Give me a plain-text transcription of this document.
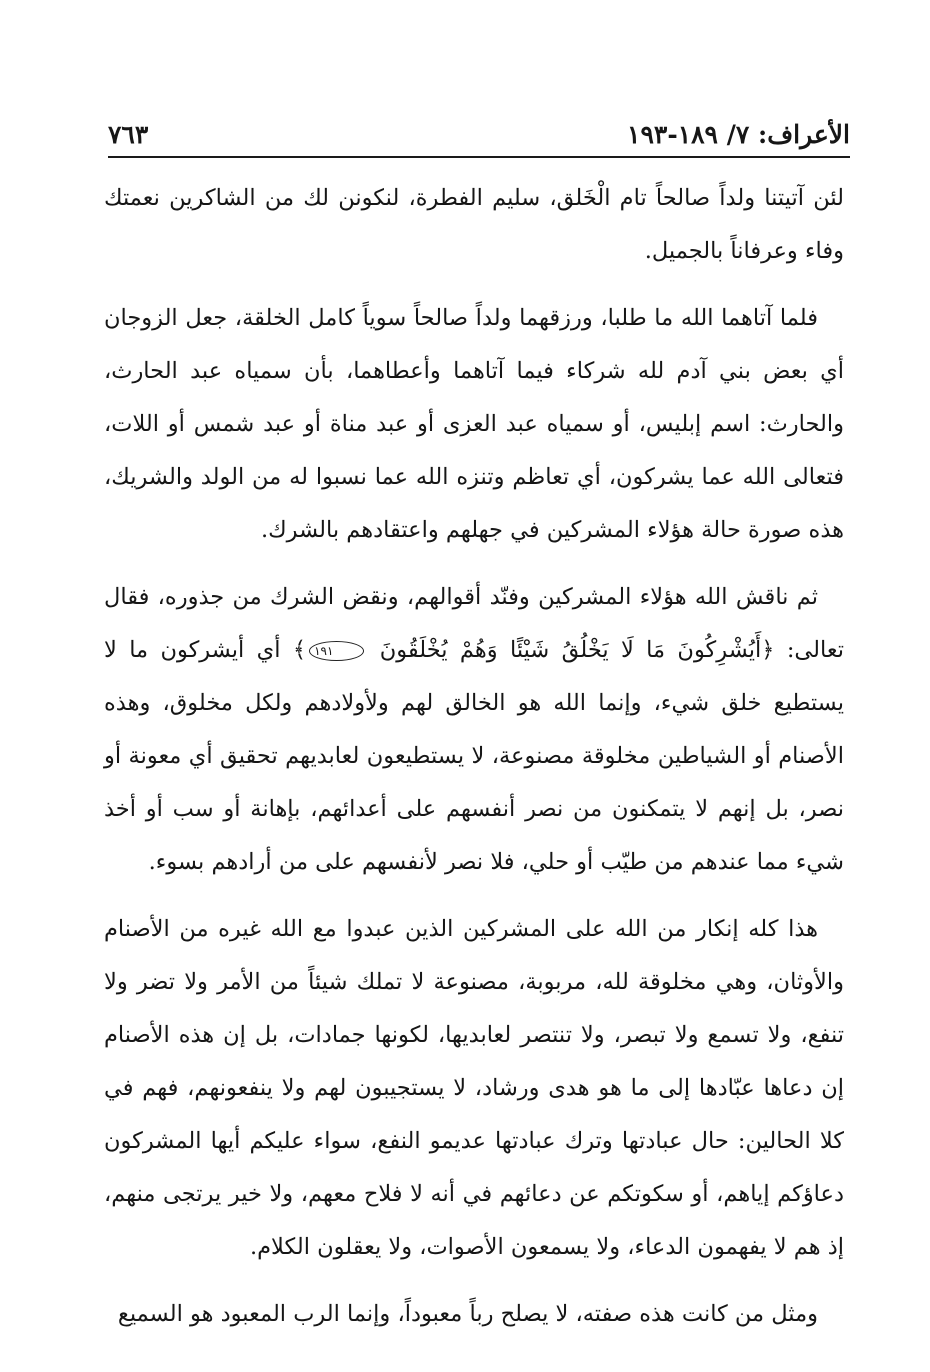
الأعراف: ٧/ ١٨٩-١٩٣
٧٦٣

لئن آتيتنا ولداً صالحاً تام الْخَلق، سليم الفطرة، لنكونن لك من الشاكرين نعمتك وفاء وعرفاناً بالجميل.

فلما آتاهما الله ما طلبا، ورزقهما ولداً صالحاً سوياً كامل الخلقة، جعل الزوجان أي بعض بني آدم لله شركاء فيما آتاهما وأعطاهما، بأن سمياه عبد الحارث، والحارث: اسم إبليس، أو سمياه عبد العزى أو عبد مناة أو عبد شمس أو اللات، فتعالى الله عما يشركون، أي تعاظم وتنزه الله عما نسبوا له من الولد والشريك، هذه صورة حالة هؤلاء المشركين في جهلهم واعتقادهم بالشرك.

ثم ناقش الله هؤلاء المشركين وفنّد أقوالهم، ونقض الشرك من جذوره، فقال تعالى: ﴿أَيُشْرِكُونَ مَا لَا يَخْلُقُ شَيْئًا وَهُمْ يُخْلَقُونَ ١٩١﴾ أي أيشركون ما لا يستطيع خلق شيء، وإنما الله هو الخالق لهم ولأولادهم ولكل مخلوق، وهذه الأصنام أو الشياطين مخلوقة مصنوعة، لا يستطيعون لعابديهم تحقيق أي معونة أو نصر، بل إنهم لا يتمكنون من نصر أنفسهم على أعدائهم، بإهانة أو سب أو أخذ شيء مما عندهم من طيّب أو حلي، فلا نصر لأنفسهم على من أرادهم بسوء.

هذا كله إنكار من الله على المشركين الذين عبدوا مع الله غيره من الأصنام والأوثان، وهي مخلوقة لله، مربوبة، مصنوعة لا تملك شيئاً من الأمر ولا تضر ولا تنفع، ولا تسمع ولا تبصر، ولا تنتصر لعابديها، لكونها جمادات، بل إن هذه الأصنام إن دعاها عبّادها إلى ما هو هدى ورشاد، لا يستجيبون لهم ولا ينفعونهم، فهم في كلا الحالين: حال عبادتها وترك عبادتها عديمو النفع، سواء عليكم أيها المشركون دعاؤكم إياهم، أو سكوتكم عن دعائهم في أنه لا فلاح معهم، ولا خير يرتجى منهم، إذ هم لا يفهمون الدعاء، ولا يسمعون الأصوات، ولا يعقلون الكلام.

ومثل من كانت هذه صفته، لا يصلح رباً معبوداً، وإنما الرب المعبود هو السميع
